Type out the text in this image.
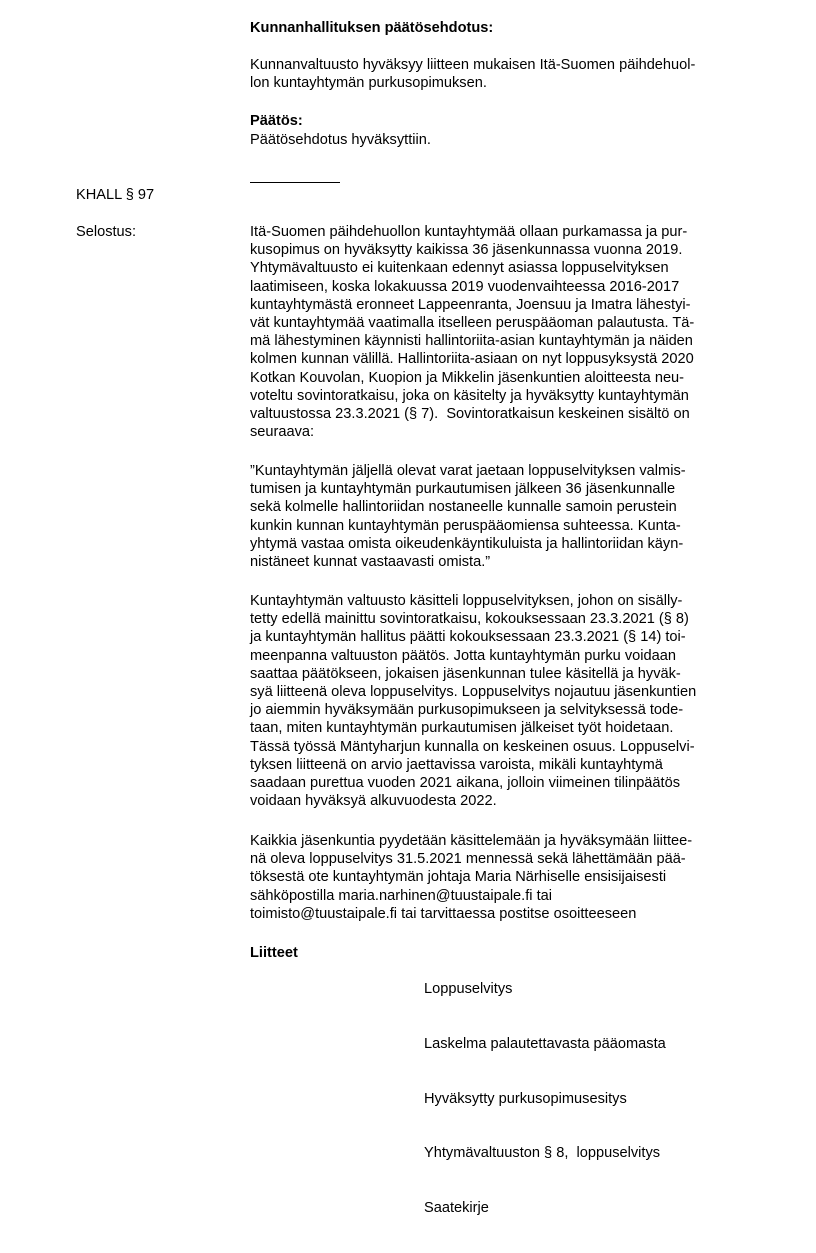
Kunnanhallituksen päätösehdotus:
Kunnanvaltuusto hyväksyy liitteen mukaisen Itä-Suomen päihdehuol-
lon kuntayhtymän purkusopimuksen.
Päätös:
Päätösehdotus hyväksyttiin.
KHALL § 97
Selostus:	Itä-Suomen päihdehuollon kuntayhtymää ollaan purkamassa ja pur-
kusopimus on hyväksytty kaikissa 36 jäsenkunnassa vuonna 2019.
Yhtymävaltuusto ei kuitenkaan edennyt asiassa loppuselvityksen
laatimiseen, koska lokakuussa 2019 vuodenvaihteessa 2016-2017
kuntayhtymästä eronneet Lappeenranta, Joensuu ja Imatra lähestyi-
vät kuntayhtymää vaatimalla itselleen peruspääoman palautusta. Tä-
mä lähestyminen käynnisti hallintoriita-asian kuntayhtymän ja näiden
kolmen kunnan välillä. Hallintoriita-asiaan on nyt loppusyksystä 2020
Kotkan Kouvolan, Kuopion ja Mikkelin jäsenkuntien aloitteesta neu-
voteltu sovintoratkaisu, joka on käsitelty ja hyväksytty kuntayhtymän
valtuustossa 23.3.2021 (§ 7).  Sovintoratkaisun keskeinen sisältö on
seuraava:
”Kuntayhtymän jäljellä olevat varat jaetaan loppuselvityksen valmis-
tumisen ja kuntayhtymän purkautumisen jälkeen 36 jäsenkunnalle
sekä kolmelle hallintoriidan nostaneelle kunnalle samoin perustein
kunkin kunnan kuntayhtymän peruspääomiensa suhteessa. Kunta-
yhtymä vastaa omista oikeudenkäyntikuluista ja hallintoriidan käyn-
nistäneet kunnat vastaavasti omista.”
Kuntayhtymän valtuusto käsitteli loppuselvityksen, johon on sisälly-
tetty edellä mainittu sovintoratkaisu, kokouksessaan 23.3.2021 (§ 8)
ja kuntayhtymän hallitus päätti kokouksessaan 23.3.2021 (§ 14) toi-
meenpanna valtuuston päätös. Jotta kuntayhtymän purku voidaan
saattaa päätökseen, jokaisen jäsenkunnan tulee käsitellä ja hyväk-
syä liitteenä oleva loppuselvitys. Loppuselvitys nojautuu jäsenkuntien
jo aiemmin hyväksymään purkusopimukseen ja selvityksessä tode-
taan, miten kuntayhtymän purkautumisen jälkeiset työt hoidetaan.
Tässä työssä Mäntyharjun kunnalla on keskeinen osuus. Loppuselvi-
tyksen liitteenä on arvio jaettavissa varoista, mikäli kuntayhtymä
saadaan purettua vuoden 2021 aikana, jolloin viimeinen tilinpäätös
voidaan hyväksyä alkuvuodesta 2022.
Kaikkia jäsenkuntia pyydetään käsittelemään ja hyväksymään liittee-
nä oleva loppuselvitys 31.5.2021 mennessä sekä lähettämään pää-
töksestä ote kuntayhtymän johtaja Maria Närhiselle ensisijaisesti
sähköpostilla maria.narhinen@tuustaipale.fi tai
toimisto@tuustaipale.fi tai tarvittaessa postitse osoitteeseen
Liitteet

Loppuselvitys

Laskelma palautettavasta pääomasta

Hyväksytty purkusopimusesitys

Yhtymävaltuuston § 8,  loppuselvitys

Saatekirje
